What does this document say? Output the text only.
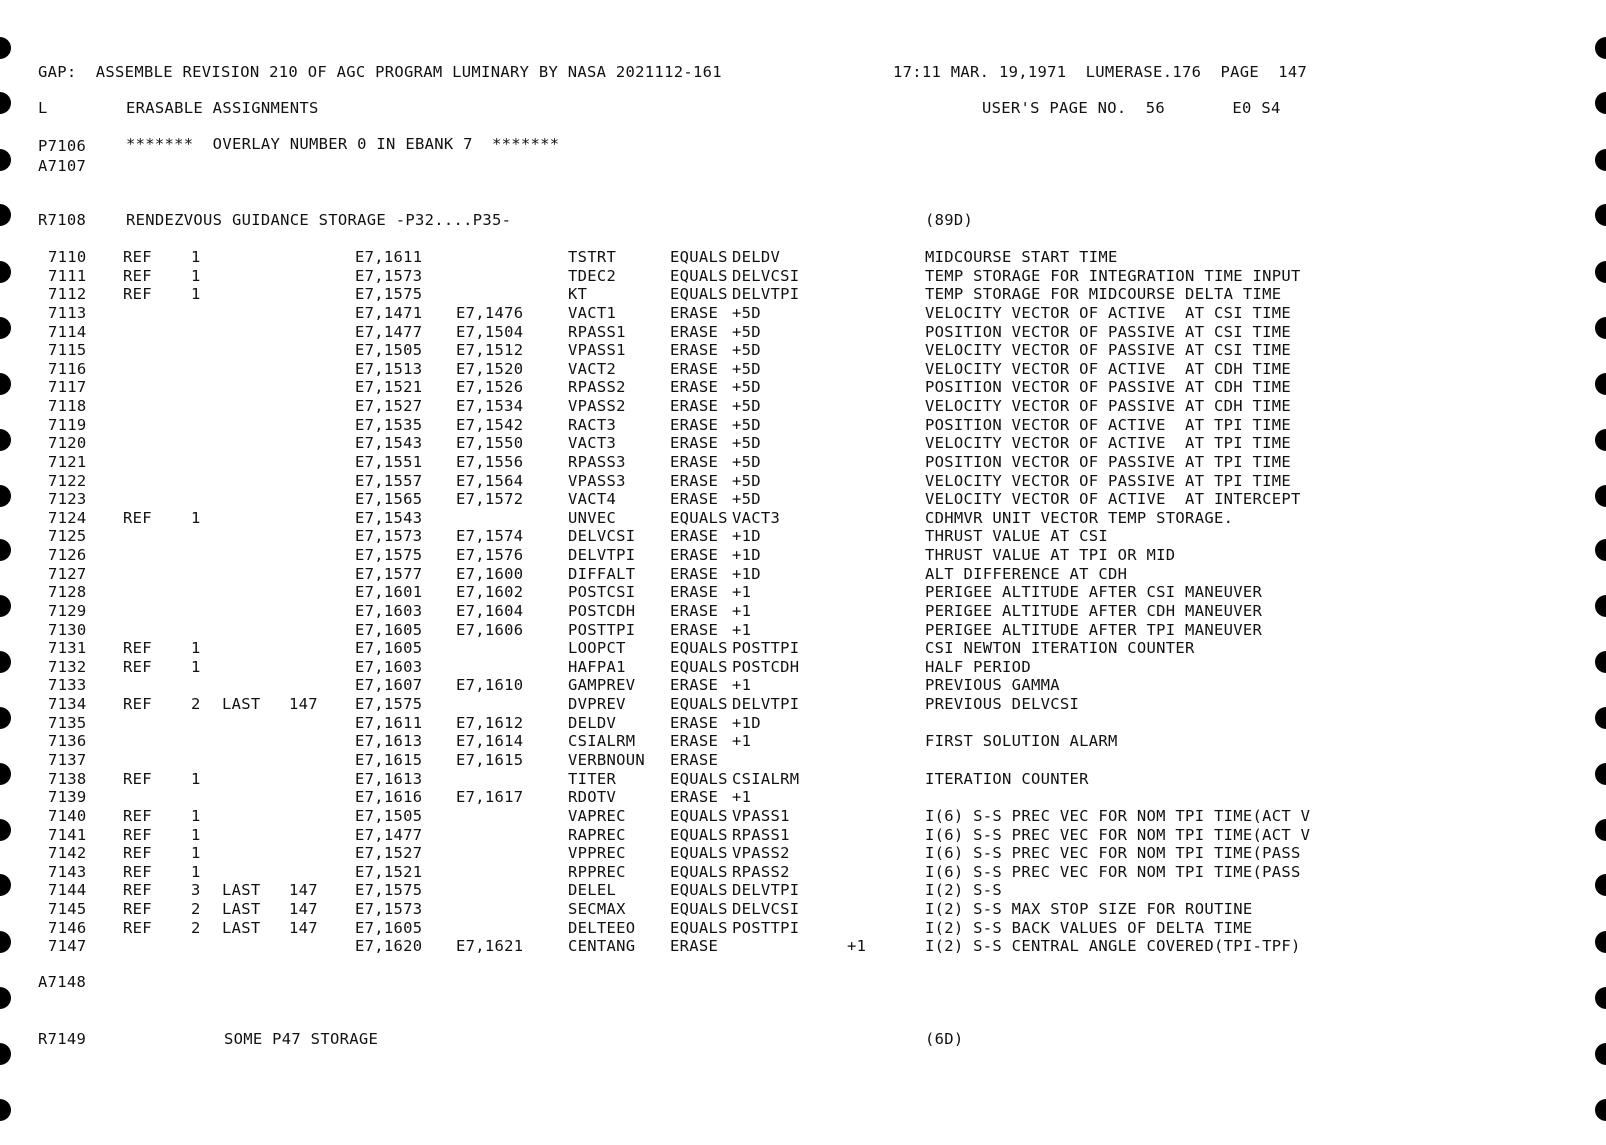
GAP:  ASSEMBLE REVISION 210 OF AGC PROGRAM LUMINARY BY NASA 2021112-161	17:11 MAR. 19,1971  LUMERASE.176  PAGE  147
L	ERASABLE ASSIGNMENTS	USER'S PAGE NO.  56       E0 S4
P7106	*******  OVERLAY NUMBER 0 IN EBANK 7  *******
A7107
R7108	RENDEZVOUS GUIDANCE STORAGE -P32....P35-	(89D)
7110 REF	1	E7,1611	TSTRT	EQUALS DELDV	MIDCOURSE START TIME
7111 REF	1	E7,1573	TDEC2	EQUALS DELVCSI	TEMP STORAGE FOR INTEGRATION TIME INPUT
7112 REF	1	E7,1575	KT	EQUALS DELVTPI	TEMP STORAGE FOR MIDCOURSE DELTA TIME
7113	E7,1471 E7,1476	VACT1	ERASE +5D	VELOCITY VECTOR OF ACTIVE  AT CSI TIME
7114	E7,1477 E7,1504	RPASS1	ERASE +5D	POSITION VECTOR OF PASSIVE AT CSI TIME
7115	E7,1505 E7,1512	VPASS1	ERASE +5D	VELOCITY VECTOR OF PASSIVE AT CSI TIME
7116	E7,1513 E7,1520	VACT2	ERASE +5D	VELOCITY VECTOR OF ACTIVE  AT CDH TIME
7117	E7,1521 E7,1526	RPASS2	ERASE +5D	POSITION VECTOR OF PASSIVE AT CDH TIME
7118	E7,1527 E7,1534	VPASS2	ERASE +5D	VELOCITY VECTOR OF PASSIVE AT CDH TIME
7119	E7,1535 E7,1542	RACT3	ERASE +5D	POSITION VECTOR OF ACTIVE  AT TPI TIME
7120	E7,1543 E7,1550	VACT3	ERASE +5D	VELOCITY VECTOR OF ACTIVE  AT TPI TIME
7121	E7,1551 E7,1556	RPASS3	ERASE +5D	POSITION VECTOR OF PASSIVE AT TPI TIME
7122	E7,1557 E7,1564	VPASS3	ERASE +5D	VELOCITY VECTOR OF PASSIVE AT TPI TIME
7123	E7,1565 E7,1572	VACT4	ERASE +5D	VELOCITY VECTOR OF ACTIVE  AT INTERCEPT
7124 REF	1	E7,1543	UNVEC	EQUALS VACT3	CDHMVR UNIT VECTOR TEMP STORAGE.
7125	E7,1573 E7,1574	DELVCSI ERASE +1D	THRUST VALUE AT CSI
7126	E7,1575 E7,1576	DELVTPI ERASE +1D	THRUST VALUE AT TPI OR MID
7127	E7,1577 E7,1600	DIFFALT ERASE +1D	ALT DIFFERENCE AT CDH
7128	E7,1601 E7,1602	POSTCSI ERASE +1	PERIGEE ALTITUDE AFTER CSI MANEUVER
7129	E7,1603 E7,1604	POSTCDH ERASE +1	PERIGEE ALTITUDE AFTER CDH MANEUVER
7130	E7,1605 E7,1606	POSTTPI ERASE +1	PERIGEE ALTITUDE AFTER TPI MANEUVER
7131 REF	1	E7,1605	LOOPCT	EQUALS POSTTPI	CSI NEWTON ITERATION COUNTER
7132 REF	1	E7,1603	HAFPA1	EQUALS POSTCDH	HALF PERIOD
7133	E7,1607 E7,1610	GAMPREV ERASE +1	PREVIOUS GAMMA
7134 REF	2 LAST 147 E7,1575	DVPREV	EQUALS DELVTPI	PREVIOUS DELVCSI
7135	E7,1611 E7,1612	DELDV	ERASE +1D
7136	E7,1613 E7,1614	CSIALRM ERASE +1	FIRST SOLUTION ALARM
7137	E7,1615 E7,1615	VERBNOUN ERASE
7138 REF	1	E7,1613	TITER	EQUALS CSIALRM	ITERATION COUNTER
7139	E7,1616 E7,1617	RDOTV	ERASE +1
7140 REF	1	E7,1505	VAPREC	EQUALS VPASS1	I(6) S-S PREC VEC FOR NOM TPI TIME(ACT V
7141 REF	1	E7,1477	RAPREC	EQUALS RPASS1	I(6) S-S PREC VEC FOR NOM TPI TIME(ACT V
7142 REF	1	E7,1527	VPPREC	EQUALS VPASS2	I(6) S-S PREC VEC FOR NOM TPI TIME(PASS
7143 REF	1	E7,1521	RPPREC	EQUALS RPASS2	I(6) S-S PREC VEC FOR NOM TPI TIME(PASS
7144 REF	3 LAST 147 E7,1575	DELEL	EQUALS DELVTPI	I(2) S-S
7145 REF	2 LAST 147 E7,1573	SECMAX	EQUALS DELVCSI	I(2) S-S MAX STOP SIZE FOR ROUTINE
7146 REF	2 LAST 147 E7,1605	DELTEEO EQUALS POSTTPI	I(2) S-S BACK VALUES OF DELTA TIME
7147	E7,1620 E7,1621	CENTANG ERASE	+1	I(2) S-S CENTRAL ANGLE COVERED(TPI-TPF)
A7148
R7149	SOME P47 STORAGE	(6D)
